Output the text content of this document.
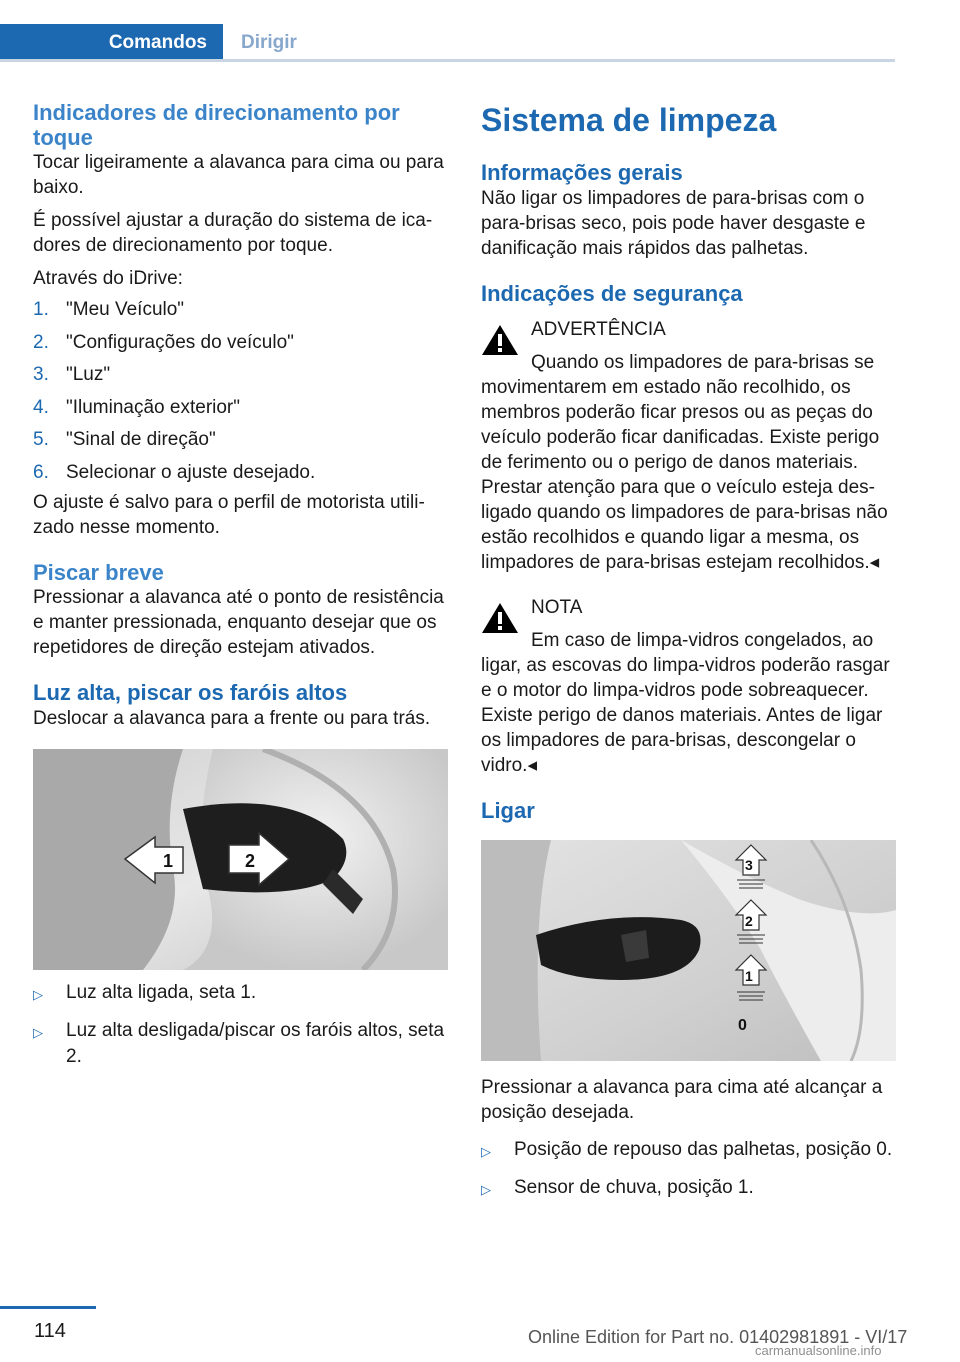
Comandos	Dirigir
Indicadores de direcionamento por toque

Tocar ligeiramente a alavanca para cima ou para baixo.

É possível ajustar a duração do sistema de icadores de direcionamento por toque.

Através do iDrive:

1. "Meu Veículo"
2. "Configurações do veículo"
3. "Luz"
4. "Iluminação exterior"
5. "Sinal de direção"
6. Selecionar o ajuste desejado.

O ajuste é salvo para o perfil de motorista utilizado nesse momento.

Piscar breve

Pressionar a alavanca até o ponto de resistência e manter pressionada, enquanto desejar que os repetidores de direção estejam ativados.

Luz alta, piscar os faróis altos

Deslocar a alavanca para a frente ou para trás.

1	2
▷	Luz alta ligada, seta 1.
▷	Luz alta desligada/piscar os faróis altos, seta 2.
Sistema de limpeza
Informações gerais

Não ligar os limpadores de para-brisas com o para-brisas seco, pois pode haver desgaste e danificação mais rápidos das palhetas.

Indicações de segurança
ADVERTÊNCIA

Quando os limpadores de para-brisas se

movimentarem em estado não recolhido, os membros poderão ficar presos ou as peças do veículo poderão ficar danificadas. Existe perigo de ferimento ou o perigo de danos materiais. Prestar atenção para que o veículo esteja desligado quando os limpadores de para-brisas não estão recolhidos e quando ligar a mesma, os limpadores de para-brisas estejam recolhidos.◂

NOTA

Em caso de limpa-vidros congelados, ao

ligar, as escovas do limpa-vidros poderão rasgar e o motor do limpa-vidros pode sobreaquecer. Existe perigo de danos materiais. Antes de ligar os limpadores de para-brisas, descongelar o vidro.◂

Ligar
3
2
1
0

Pressionar a alavanca para cima até alcançar a posição desejada.

▷	Posição de repouso das palhetas, posição 0.
▷	Sensor de chuva, posição 1.
114	Online Edition for Part no. 01402981891 - VI/17
carmanualsonline.info
